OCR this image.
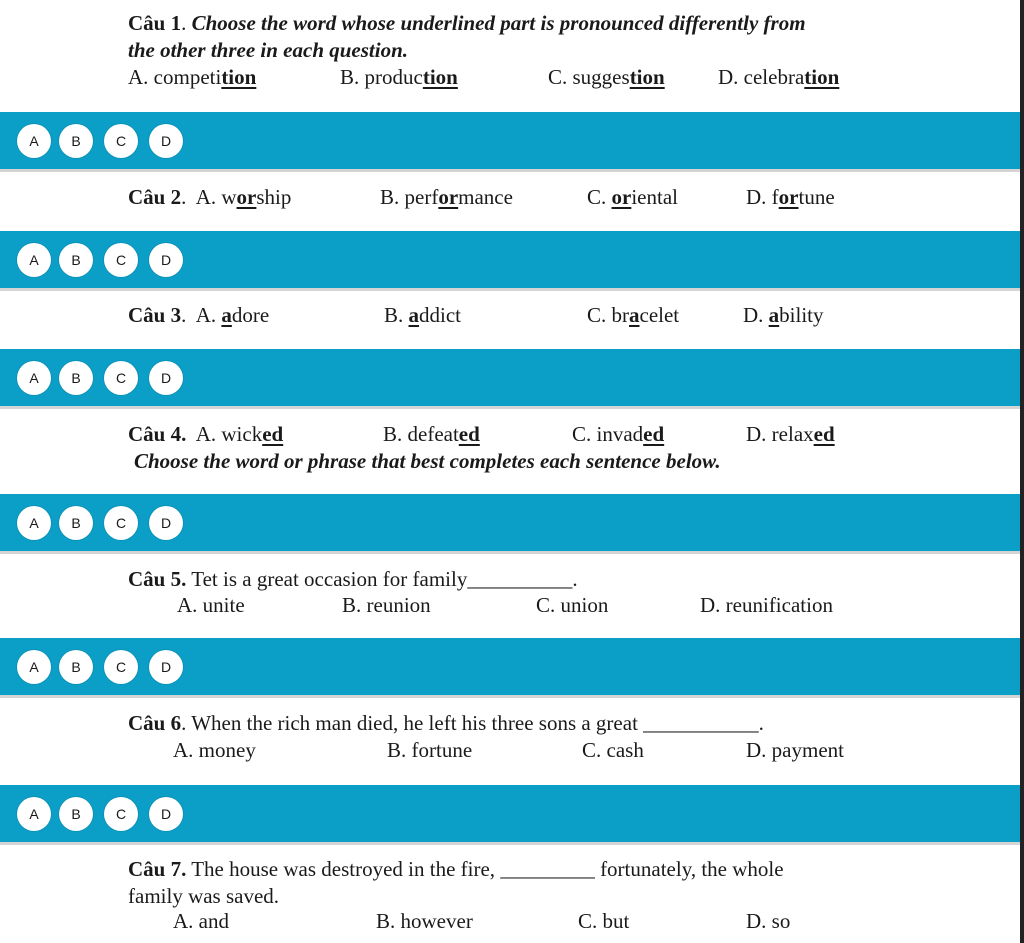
Câu 1. Choose the word whose underlined part is pronounced differently from
the other three in each question.
A. competition	B. production	C. suggestion	D. celebration
A	B	C	D
Câu 2.  A. worship	B. performance	C. oriental	D. fortune
A	B	C	D
Câu 3.  A. adore	B. addict	C. bracelet	D. ability
A	B	C	D
Câu 4. A. wicked	B. defeated	C. invaded	D. relaxed
Choose the word or phrase that best completes each sentence below.
A	B	C	D
Câu 5. Tet is a great occasion for family__________.
A. unite	B. reunion	C. union	D. reunification
A	B	C	D
Câu 6. When the rich man died, he left his three sons a great ___________.
A. money	B. fortune	C. cash	D. payment
A	B	C	D
Câu 7. The house was destroyed in the fire, _________ fortunately, the whole
family was saved.
A. and	B. however	C. but	D. so
